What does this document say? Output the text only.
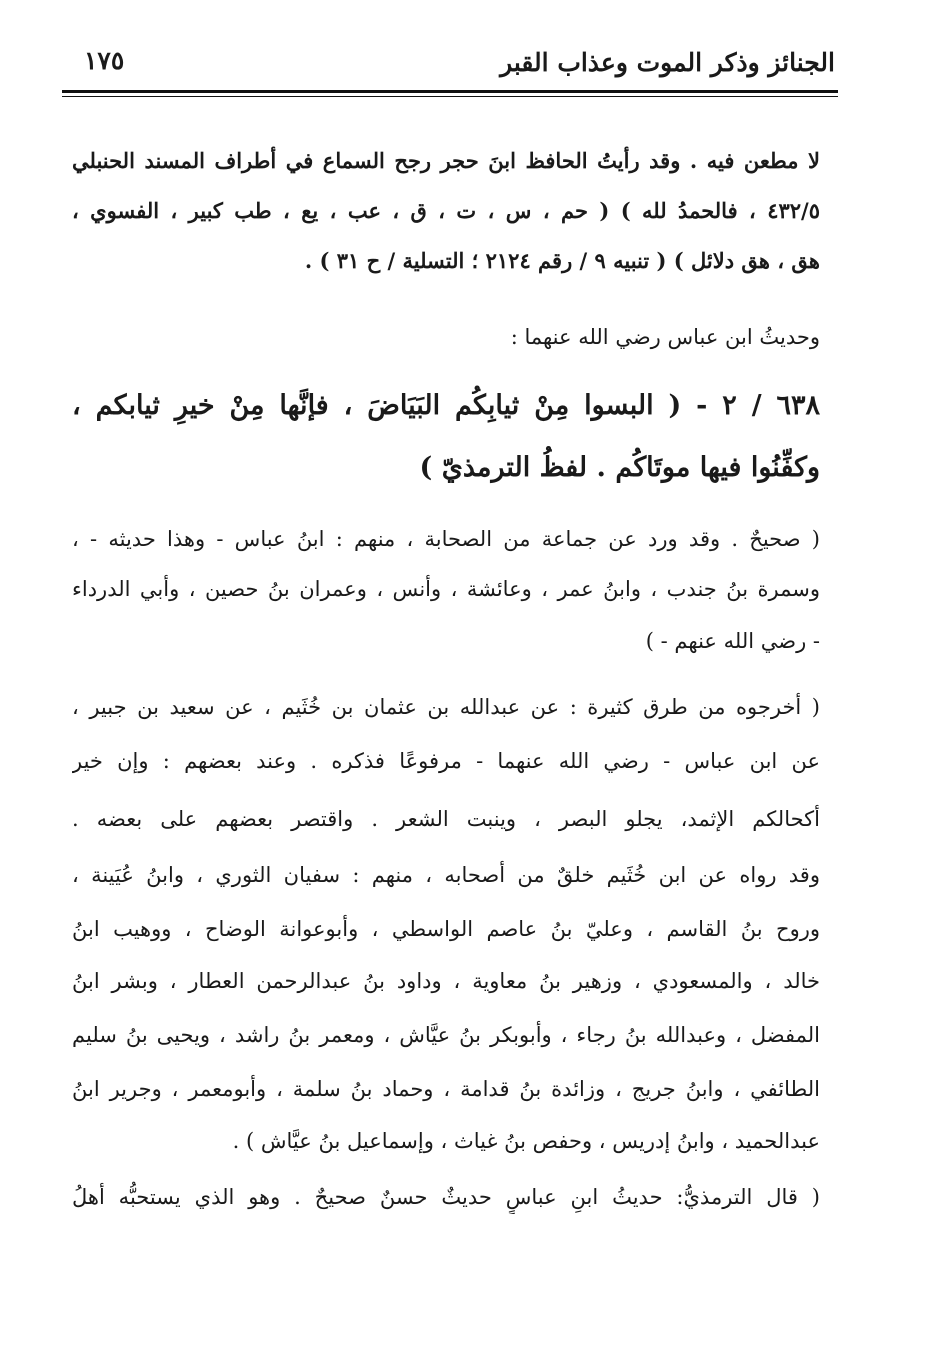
١٧٥	الجنائز وذكر الموت وعذاب القبر
لا مطعن فيه . وقد رأيتُ الحافظ ابنَ حجر رجح السماع في أطراف المسند الحنبلي
٤٣٢/٥ ، فالحمدُ لله ) ( حم ، س ، ت ، ق ، عب ، يع ، طب كبير ، الفسوي ،
هق ، هق دلائل ) ( تنبيه ٩ / رقم ٢١٢٤ ؛ التسلية / ح ٣١ ) .
وحديثُ ابن عباس رضي الله عنهما :
٦٣٨ / ٢ - ( البسوا مِنْ ثيابِكُم البَيَاضَ ، فإنَّها مِنْ خيرِ ثيابكم ،
وكفِّنُوا فيها موتَاكُم . لفظُ الترمذيّ )
( صحيحٌ . وقد ورد عن جماعة من الصحابة ، منهم : ابنُ عباس - وهذا حديثه - ،
وسمرة بنُ جندب ، وابنُ عمر ، وعائشة ، وأنس ، وعمران بنُ حصين ، وأبي الدرداء
- رضي الله عنهم - )
( أخرجوه من طرق كثيرة : عن عبدالله بن عثمان بن خُثَيم ، عن سعيد بن جبير ،
عن ابن عباس - رضي الله عنهما - مرفوعًا فذكره . وعند بعضهم : وإن خير
أكحالكم الإثمد، يجلو البصر ، وينبت الشعر . واقتصر بعضهم على بعضه .
وقد رواه عن ابن خُثَيم خلقٌ من أصحابه ، منهم : سفيان الثوري ، وابنُ عُيَينة ،
وروح بنُ القاسم ، وعليّ بنُ عاصم الواسطي ، وأبوعوانة الوضاح ، ووهيب ابنُ
خالد ، والمسعودي ، وزهير بنُ معاوية ، وداود بنُ عبدالرحمن العطار ، وبشر ابنُ
المفضل ، وعبدالله بنُ رجاء ، وأبوبكر بنُ عيَّاش ، ومعمر بنُ راشد ، ويحيى بنُ سليم
الطائفي ، وابنُ جريج ، وزائدة بنُ قدامة ، وحماد بنُ سلمة ، وأبومعمر ، وجرير ابنُ
عبدالحميد ، وابنُ إدريس ، وحفص بنُ غياث ، وإسماعيل بنُ عيَّاش ) .
( قال الترمذيُّ: حديثُ ابنِ عباسٍ حديثٌ حسنٌ صحيحٌ . وهو الذي يستحبُّه أهلُ
